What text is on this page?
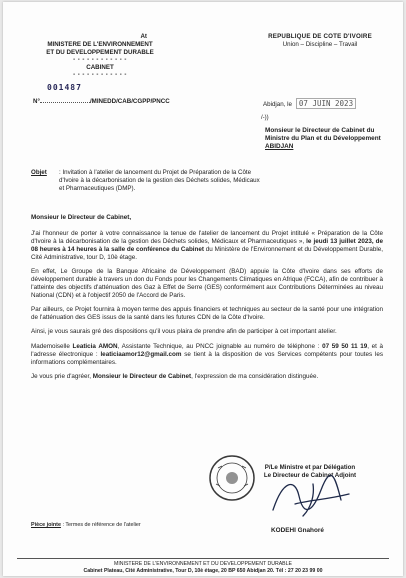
At
MINISTERE DE L'ENVIRONNEMENT
ET DU DEVELOPPEMENT DURABLE
- - - - - - - - - - - -
CABINET
- - - - - - - - - - - -
REPUBLIQUE DE COTE D'IVOIRE
Union – Discipline – Travail
001487
N°	/MINEDD/CAB/CGPP/PNCC	Abidjan, le 07 JUIN 2023
/-))
Monsieur le Directeur de Cabinet du
Ministre du Plan et du Développement
ABIDJAN
Objet : Invitation à l'atelier de lancement du Projet de Préparation de la Côte d'Ivoire à la décarbonisation de la gestion des Déchets solides, Médicaux et Pharmaceutiques (DMP).

Monsieur le Directeur de Cabinet,

J'ai l'honneur de porter à votre connaissance la tenue de l'atelier de lancement du Projet intitulé « Préparation de la Côte d'Ivoire à la décarbonisation de la gestion des Déchets solides, Médicaux et Pharmaceutiques », le jeudi 13 juillet 2023, de 08 heures à 14 heures à la salle de conférence du Cabinet du Ministère de l'Environnement et du Développement Durable, Cité Administrative, tour D, 10è étage.

En effet, Le Groupe de la Banque Africaine de Développement (BAD) appuie la Côte d'Ivoire dans ses efforts de développement durable à travers un don du Fonds pour les Changements Climatiques en Afrique (FCCA), afin de contribuer à l'atteinte des objectifs d'atténuation des Gaz à Effet de Serre (GES) conformément aux Contributions Déterminées au niveau National (CDN) et à l'objectif 2050 de l'Accord de Paris.

Par ailleurs, ce Projet fournira à moyen terme des appuis financiers et techniques au secteur de la santé pour une intégration de l'atténuation des GES issus de la santé dans les futures CDN de la Côte d'Ivoire.

Ainsi, je vous saurais gré des dispositions qu'il vous plaira de prendre afin de participer à cet important atelier.

Mademoiselle Leaticia AMON, Assistante Technique, au PNCC joignable au numéro de téléphone : 07 59 50 11 19, et à l'adresse électronique : leaticiaamor12@gmail.com se tient à la disposition de vos Services compétents pour toutes les informations complémentaires.

Je vous prie d'agréer, Monsieur le Directeur de Cabinet, l'expression de ma considération distinguée.

P/Le Ministre et par Délégation
Le Directeur de Cabinet Adjoint
KODEHI Gnahoré
Pièce jointe : Termes de référence de l'atelier
MINISTERE DE L'ENVIRONNEMENT ET DU DEVELOPPEMENT DURABLE
Cabinet Plateau, Cité Administrative, Tour D, 10è étage, 20 BP 650 Abidjan 20. Tél : 27 20 23 99 00
